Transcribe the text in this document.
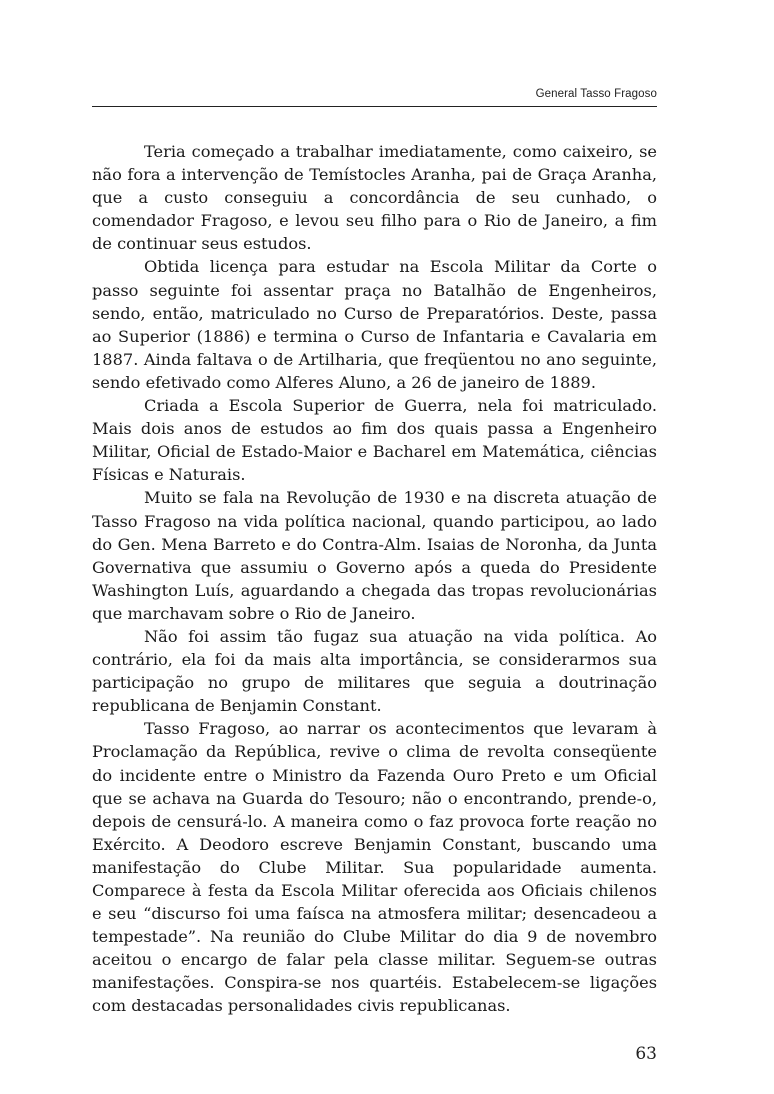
General Tasso Fragoso

Teria começado a trabalhar imediatamente, como caixeiro, se não fora a intervenção de Temístocles Aranha, pai de Graça Aranha, que a custo conseguiu a concordância de seu cunhado, o comendador Fragoso, e levou seu filho para o Rio de Janeiro, a fim de continuar seus estudos.

Obtida licença para estudar na Escola Militar da Corte o passo seguinte foi assentar praça no Batalhão de Engenheiros, sendo, então, matriculado no Curso de Preparatórios. Deste, passa ao Superior (1886) e termina o Curso de Infantaria e Cavalaria em 1887. Ainda faltava o de Artilharia, que freqüentou no ano seguinte, sendo efetivado como Alferes Aluno, a 26 de janeiro de 1889.

Criada a Escola Superior de Guerra, nela foi matriculado. Mais dois anos de estudos ao fim dos quais passa a Engenheiro Militar, Oficial de Estado-Maior e Bacharel em Matemática, ciências Físicas e Naturais.

Muito se fala na Revolução de 1930 e na discreta atuação de Tasso Fragoso na vida política nacional, quando participou, ao lado do Gen. Mena Barreto e do Contra-Alm. Isaias de Noronha, da Junta Governativa que assumiu o Governo após a queda do Presidente Washington Luís, aguardando a chegada das tropas revolucionárias que marchavam sobre o Rio de Janeiro.

Não foi assim tão fugaz sua atuação na vida política. Ao contrário, ela foi da mais alta importância, se considerarmos sua participação no grupo de militares que seguia a doutrinação republicana de Benjamin Constant.

Tasso Fragoso, ao narrar os acontecimentos que levaram à Proclamação da República, revive o clima de revolta conseqüente do incidente entre o Ministro da Fazenda Ouro Preto e um Oficial que se achava na Guarda do Tesouro; não o encontrando, prende-o, depois de censurá-lo. A maneira como o faz provoca forte reação no Exército. A Deodoro escreve Benjamin Constant, buscando uma manifestação do Clube Militar. Sua popularidade aumenta. Comparece à festa da Escola Militar oferecida aos Oficiais chilenos e seu “discurso foi uma faísca na atmosfera militar; desencadeou a tempestade”. Na reunião do Clube Militar do dia 9 de novembro aceitou o encargo de falar pela classe militar. Seguem-se outras manifestações. Conspira-se nos quartéis. Estabelecem-se ligações com destacadas personalidades civis republicanas.

63
